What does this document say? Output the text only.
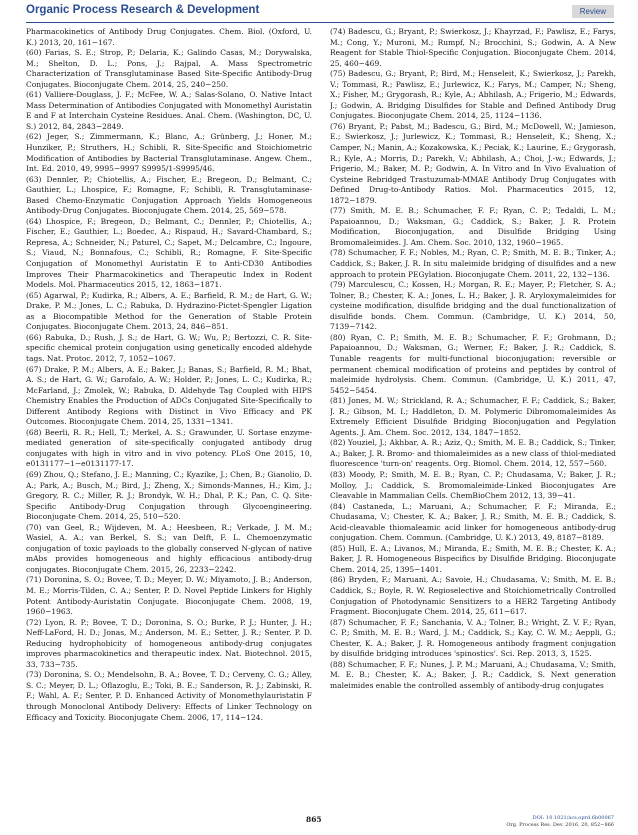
Organic Process Research & Development	Review

Pharmacokinetics of Antibody Drug Conjugates. Chem. Biol. (Oxford, U. K.) 2013, 20, 161−167.

(60) Farias, S. E.; Strop, P.; Delaria, K.; Galindo Casas, M.; Dorywalska, M.; Shelton, D. L.; Pons, J.; Rajpal, A. Mass Spectrometric Characterization of Transglutaminase Based Site-Specific Antibody-Drug Conjugates. Bioconjugate Chem. 2014, 25, 240−250.

(61) Valliere-Douglass, J. F.; McFee, W. A.; Salas-Solano, O. Native Intact Mass Determination of Antibodies Conjugated with Monomethyl Auristatin E and F at Interchain Cysteine Residues. Anal. Chem. (Washington, DC, U. S.) 2012, 84, 2843−2849.

(62) Jeger, S.; Zimmermann, K.; Blanc, A.; Grünberg, J.; Honer, M.; Hunziker, P.; Struthers, H.; Schibli, R. Site-Specific and Stoichiometric Modification of Antibodies by Bacterial Transglutaminase. Angew. Chem., Int. Ed. 2010, 49, 9995−9997 S9995/1-S9995/46.

(63) Dennler, P.; Chiotellis, A.; Fischer, E.; Bregeon, D.; Belmant, C.; Gauthier, L.; Lhospice, F.; Romagne, F.; Schibli, R. Transglutaminase-Based Chemo-Enzymatic Conjugation Approach Yields Homogeneous Antibody-Drug Conjugates. Bioconjugate Chem. 2014, 25, 569−578.

(64) Lhospice, F.; Bregeon, D.; Belmant, C.; Dennler, P.; Chiotellis, A.; Fischer, E.; Gauthier, L.; Boedec, A.; Rispaud, H.; Savard-Chambard, S.; Represa, A.; Schneider, N.; Paturel, C.; Sapet, M.; Delcambre, C.; Ingoure, S.; Viaud, N.; Bonnafous, C.; Schibli, R.; Romagne, F. Site-Specific Conjugation of Monomethyl Auristatin E to Anti-CD30 Antibodies Improves Their Pharmacokinetics and Therapeutic Index in Rodent Models. Mol. Pharmaceutics 2015, 12, 1863−1871.

(65) Agarwal, P.; Kudirka, R.; Albers, A. E.; Barfield, R. M.; de Hart, G. W.; Drake, P. M.; Jones, L. C.; Rabuka, D. Hydrazino-Pictet-Spengler Ligation as a Biocompatible Method for the Generation of Stable Protein Conjugates. Bioconjugate Chem. 2013, 24, 846−851.

(66) Rabuka, D.; Rush, J. S.; de Hart, G. W.; Wu, P.; Bertozzi, C. R. Site-specific chemical protein conjugation using genetically encoded aldehyde tags. Nat. Protoc. 2012, 7, 1052−1067.

(67) Drake, P. M.; Albers, A. E.; Baker, J.; Banas, S.; Barfield, R. M.; Bhat, A. S.; de Hart, G. W.; Garofalo, A. W.; Holder, P.; Jones, L. C.; Kudirka, R.; McFarland, J.; Zmolek, W.; Rabuka, D. Aldehyde Tag Coupled with HIPS Chemistry Enables the Production of ADCs Conjugated Site-Specifically to Different Antibody Regions with Distinct in Vivo Efficacy and PK Outcomes. Bioconjugate Chem. 2014, 25, 1331−1341.

(68) Beerli, R. R.; Hell, T.; Merkel, A. S.; Grawunder, U. Sortase enzyme-mediated generation of site-specifically conjugated antibody drug conjugates with high in vitro and in vivo potency. PLoS One 2015, 10, e0131177−1−e0131177-17.

(69) Zhou, Q.; Stefano, J. E.; Manning, C.; Kyazike, J.; Chen, B.; Gianolio, D. A.; Park, A.; Busch, M.; Bird, J.; Zheng, X.; Simonds-Mannes, H.; Kim, J.; Gregory, R. C.; Miller, R. J.; Brondyk, W. H.; Dhal, P. K.; Pan, C. Q. Site-Specific Antibody-Drug Conjugation through Glycoengineering. Bioconjugate Chem. 2014, 25, 510−520.

(70) van Geel, R.; Wijdeven, M. A.; Heesbeen, R.; Verkade, J. M. M.; Wasiel, A. A.; van Berkel, S. S.; van Delft, F. L. Chemoenzymatic conjugation of toxic payloads to the globally conserved N-glycan of native mAbs provides homogeneous and highly efficacious antibody-drug conjugates. Bioconjugate Chem. 2015, 26, 2233−2242.

(71) Doronina, S. O.; Bovee, T. D.; Meyer, D. W.; Miyamoto, J. B.; Anderson, M. E.; Morris-Tilden, C. A.; Senter, P. D. Novel Peptide Linkers for Highly Potent Antibody-Auristatin Conjugate. Bioconjugate Chem. 2008, 19, 1960−1963.

(72) Lyon, R. P.; Bovee, T. D.; Doronina, S. O.; Burke, P. J.; Hunter, J. H.; Neff-LaFord, H. D.; Jonas, M.; Anderson, M. E.; Setter, J. R.; Senter, P. D. Reducing hydrophobicity of homogeneous antibody-drug conjugates improves pharmacokinetics and therapeutic index. Nat. Biotechnol. 2015, 33, 733−735.

(73) Doronina, S. O.; Mendelsohn, B. A.; Bovee, T. D.; Cerveny, C. G.; Alley, S. C.; Meyer, D. L.; Oflazoglu, E.; Toki, B. E.; Sanderson, R. J.; Zabinski, R. F.; Wahl, A. F.; Senter, P. D. Enhanced Activity of Monomethylauristatin F through Monoclonal Antibody Delivery: Effects of Linker Technology on Efficacy and Toxicity. Bioconjugate Chem. 2006, 17, 114−124.

(74) Badescu, G.; Bryant, P.; Swierkosz, J.; Khayrzad, F.; Pawlisz, E.; Farys, M.; Cong, Y.; Muroni, M.; Rumpf, N.; Brocchini, S.; Godwin, A. A New Reagent for Stable Thiol-Specific Conjugation. Bioconjugate Chem. 2014, 25, 460−469.

(75) Badescu, G.; Bryant, P.; Bird, M.; Henseleit, K.; Swierkosz, J.; Parekh, V.; Tommasi, R.; Pawlisz, E.; Jurlewicz, K.; Farys, M.; Camper, N.; Sheng, X.; Fisher, M.; Grygorash, R.; Kyle, A.; Abhilash, A.; Frigerio, M.; Edwards, J.; Godwin, A. Bridging Disulfides for Stable and Defined Antibody Drug Conjugates. Bioconjugate Chem. 2014, 25, 1124−1136.

(76) Bryant, P.; Pabst, M.; Badescu, G.; Bird, M.; McDowell, W.; Jamieson, E.; Swierkosz, J.; Jurlewicz, K.; Tommasi, R.; Henseleit, K.; Sheng, X.; Camper, N.; Manin, A.; Kozakowska, K.; Peciak, K.; Laurine, E.; Grygorash, R.; Kyle, A.; Morris, D.; Parekh, V.; Abhilash, A.; Choi, J.-w.; Edwards, J.; Frigerio, M.; Baker, M. P.; Godwin, A. In Vitro and In Vivo Evaluation of Cysteine Rebridged Trastuzumab-MMAE Antibody Drug Conjugates with Defined Drug-to-Antibody Ratios. Mol. Pharmaceutics 2015, 12, 1872−1879.

(77) Smith, M. E. B.; Schumacher, F. F.; Ryan, C. P.; Tedaldi, L. M.; Papaioannou, D.; Waksman, G.; Caddick, S.; Baker, J. R. Protein Modification, Bioconjugation, and Disulfide Bridging Using Bromomaleimides. J. Am. Chem. Soc. 2010, 132, 1960−1965.

(78) Schumacher, F. F.; Nobles, M.; Ryan, C. P.; Smith, M. E. B.; Tinker, A.; Caddick, S.; Baker, J. R. In situ maleimide bridging of disulfides and a new approach to protein PEGylation. Bioconjugate Chem. 2011, 22, 132−136.

(79) Marculescu, C.; Kossen, H.; Morgan, R. E.; Mayer, P.; Fletcher, S. A.; Tolner, B.; Chester, K. A.; Jones, L. H.; Baker, J. R. Aryloxymaleimides for cysteine modification, disulfide bridging and the dual functionalization of disulfide bonds. Chem. Commun. (Cambridge, U. K.) 2014, 50, 7139−7142.

(80) Ryan, C. P.; Smith, M. E. B.; Schumacher, F. F.; Grohmann, D.; Papaioannou, D.; Waksman, G.; Werner, F.; Baker, J. R.; Caddick, S. Tunable reagents for multi-functional bioconjugation: reversible or permanent chemical modification of proteins and peptides by control of maleimide hydrolysis. Chem. Commun. (Cambridge, U. K.) 2011, 47, 5452−5454.

(81) Jones, M. W.; Strickland, R. A.; Schumacher, F. F.; Caddick, S.; Baker, J. R.; Gibson, M. I.; Haddleton, D. M. Polymeric Dibromomaleimides As Extremely Efficient Disulfide Bridging Bioconjugation and Pegylation Agents. J. Am. Chem. Soc. 2012, 134, 1847−1852.

(82) Youziel, J.; Akhbar, A. R.; Aziz, Q.; Smith, M. E. B.; Caddick, S.; Tinker, A.; Baker, J. R. Bromo- and thiomaleimides as a new class of thiol-mediated fluorescence 'turn-on' reagents. Org. Biomol. Chem. 2014, 12, 557−560.

(83) Moody, P.; Smith, M. E. B.; Ryan, C. P.; Chudasama, V.; Baker, J. R.; Molloy, J.; Caddick, S. Bromomaleimide-Linked Bioconjugates Are Cleavable in Mammalian Cells. ChemBioChem 2012, 13, 39−41.

(84) Castaneda, L.; Maruani, A.; Schumacher, F. F.; Miranda, E.; Chudasama, V.; Chester, K. A.; Baker, J. R.; Smith, M. E. B.; Caddick, S. Acid-cleavable thiomaleamic acid linker for homogeneous antibody-drug conjugation. Chem. Commun. (Cambridge, U. K.) 2013, 49, 8187−8189.

(85) Hull, E. A.; Livanos, M.; Miranda, E.; Smith, M. E. B.; Chester, K. A.; Baker, J. R. Homogeneous Bispecifics by Disulfide Bridging. Bioconjugate Chem. 2014, 25, 1395−1401.

(86) Bryden, F.; Maruani, A.; Savoie, H.; Chudasama, V.; Smith, M. E. B.; Caddick, S.; Boyle, R. W. Regioselective and Stoichiometrically Controlled Conjugation of Photodynamic Sensitizers to a HER2 Targeting Antibody Fragment. Bioconjugate Chem. 2014, 25, 611−617.

(87) Schumacher, F. F.; Sanchania, V. A.; Tolner, B.; Wright, Z. V. F.; Ryan, C. P.; Smith, M. E. B.; Ward, J. M.; Caddick, S.; Kay, C. W. M.; Aeppli, G.; Chester, K. A.; Baker, J. R. Homogeneous antibody fragment conjugation by disulfide bridging introduces 'spinostics'. Sci. Rep. 2013, 3, 1525.

(88) Schumacher, F. F.; Nunes, J. P. M.; Maruani, A.; Chudasama, V.; Smith, M. E. B.; Chester, K. A.; Baker, J. R.; Caddick, S. Next generation maleimides enable the controlled assembly of antibody-drug conjugates

865	DOI: 10.1021/acs.oprd.6b00067
Org. Process Res. Dev. 2016, 20, 852−866
